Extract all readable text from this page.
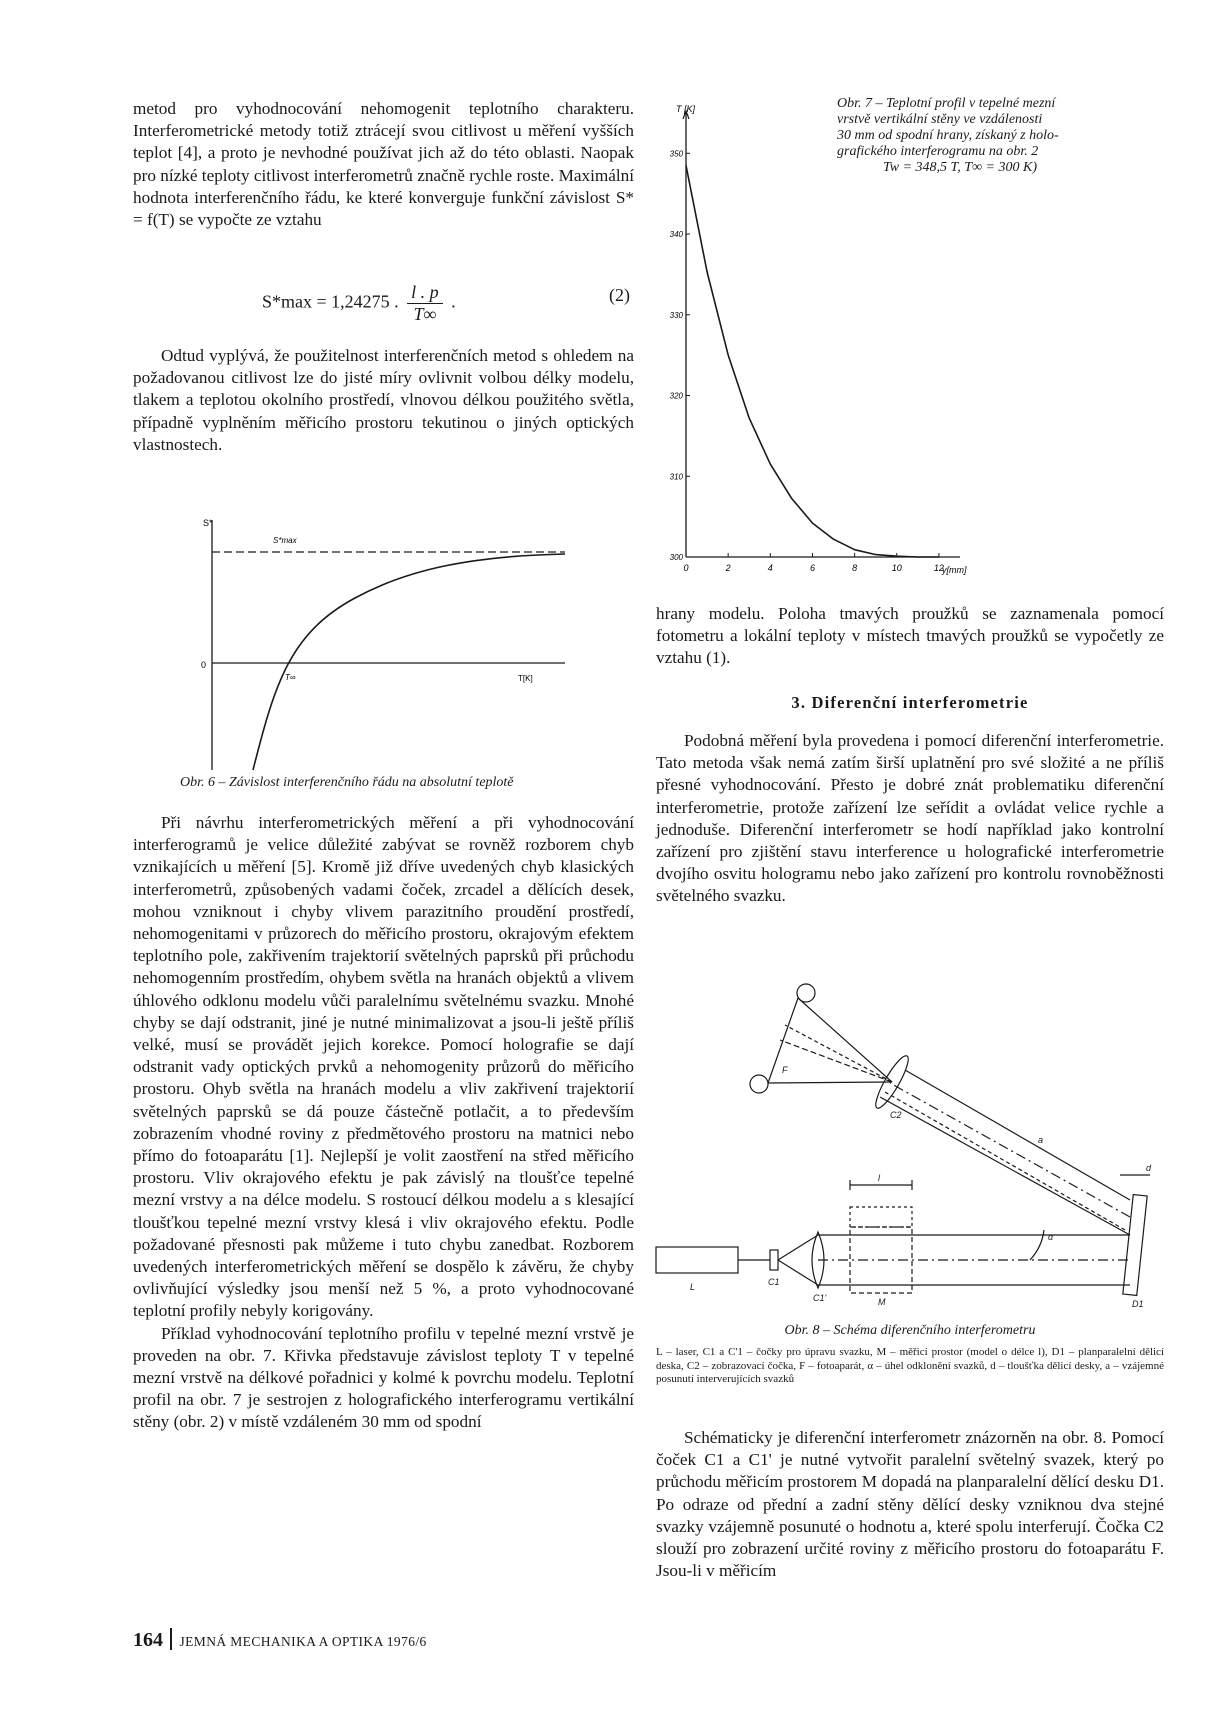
metod pro vyhodnocování nehomogenit teplotního charakteru. Interferometrické metody totiž ztrácejí svou citlivost u měření vyšších teplot [4], a proto je nevhodné používat jich až do této oblasti. Naopak pro nízké teploty citlivost interferometrů značně rychle roste. Maximální hodnota interferenčního řádu, ke které konverguje funkční závislost S* = f(T) se vypočte ze vztahu

S*max = 1,24275 . $\frac{l . p}{T\infty}$ .	(2)

Odtud vyplývá, že použitelnost interferenčních metod s ohledem na požadovanou citlivost lze do jisté míry ovlivnit volbou délky modelu, tlakem a teplotou okolního prostředí, vlnovou délkou použitého světla, případně vyplněním měřicího prostoru tekutinou o jiných optických vlastnostech.

S*
S*max
0
T∞	T[K]
Obr. 6 – Závislost interferenčního řádu na absolutní teplotě

Při návrhu interferometrických měření a při vyhodnocování interferogramů je velice důležité zabývat se rovněž rozborem chyb vznikajících u měření [5]. Kromě již dříve uvedených chyb klasických interferometrů, způsobených vadami čoček, zrcadel a dělících desek, mohou vzniknout i chyby vlivem parazitního proudění prostředí, nehomogenitami v průzorech do měřicího prostoru, okrajovým efektem teplotního pole, zakřivením trajektorií světelných paprsků při průchodu nehomogenním prostředím, ohybem světla na hranách objektů a vlivem úhlového odklonu modelu vůči paralelnímu světelnému svazku. Mnohé chyby se dají odstranit, jiné je nutné minimalizovat a jsou-li ještě příliš velké, musí se provádět jejich korekce. Pomocí holografie se dají odstranit vady optických prvků a nehomogenity průzorů do měřicího prostoru. Ohyb světla na hranách modelu a vliv zakřivení trajektorií světelných paprsků se dá pouze částečně potlačit, a to především zobrazením vhodné roviny z předmětového prostoru na matnici nebo přímo do fotoaparátu [1]. Nejlepší je volit zaostření na střed měřicího prostoru. Vliv okrajového efektu je pak závislý na tloušťce tepelné mezní vrstvy a na délce modelu. S rostoucí délkou modelu a s klesající tloušťkou tepelné mezní vrstvy klesá i vliv okrajového efektu. Podle požadované přesnosti pak můžeme i tuto chybu zanedbat. Rozborem uvedených interferometrických měření se dospělo k závěru, že chyby ovlivňující výsledky jsou menší než 5 %, a proto vyhodnocované teplotní profily nebyly korigovány.

Příklad vyhodnocování teplotního profilu v tepelné mezní vrstvě je proveden na obr. 7. Křivka představuje závislost teploty T v tepelné mezní vrstvě na délkové pořadnici y kolmé k povrchu modelu. Teplotní profil na obr. 7 je sestrojen z holografického interferogramu vertikální stěny (obr. 2) v místě vzdáleném 30 mm od spodní

T [K]
y[mm]
300
310
320
330
340
350
0	2	4	6	8	10	12
Obr. 7 – Teplotní profil v tepelné mezní
vrstvě vertikální stěny ve vzdálenosti
30 mm od spodní hrany, získaný z holo-
grafického interferogramu na obr. 2
Tw = 348,5 T, T∞ = 300 K)

hrany modelu. Poloha tmavých proužků se zaznamenala pomocí fotometru a lokální teploty v místech tmavých proužků se vypočetly ze vztahu (1).

3. Diferenční interferometrie

Podobná měření byla provedena i pomocí diferenční interferometrie. Tato metoda však nemá zatím širší uplatnění pro své složité a ne příliš přesné vyhodnocování. Přesto je dobré znát problematiku diferenční interferometrie, protože zařízení lze seřídit a ovládat velice rychle a jednoduše. Diferenční interferometr se hodí například jako kontrolní zařízení pro zjištění stavu interference u holografické interferometrie dvojího osvitu hologramu nebo jako zařízení pro kontrolu rovnoběžnosti světelného svazku.

L	C1
C1'	M
l
D1
C2
F
α
a
d
Obr. 8 – Schéma diferenčního interferometru
L – laser, C1 a C'1 – čočky pro úpravu svazku, M – měřicí prostor (model o délce l), D1 – planparalelní dělicí deska, C2 – zobrazovací čočka, F – fotoaparát, α – úhel odklonění svazků, d – tloušťka dělicí desky, a – vzájemné posunutí interverujících svazků

Schématicky je diferenční interferometr znázorněn na obr. 8. Pomocí čoček C1 a C1' je nutné vytvořit paralelní světelný svazek, který po průchodu měřicím prostorem M dopadá na planparalelní dělící desku D1. Po odraze od přední a zadní stěny dělící desky vzniknou dva stejné svazky vzájemně posunuté o hodnotu a, které spolu interferují. Čočka C2 slouží pro zobrazení určité roviny z měřicího prostoru do fotoaparátu F. Jsou-li v měřicím

164 JEMNÁ MECHANIKA A OPTIKA 1976/6
